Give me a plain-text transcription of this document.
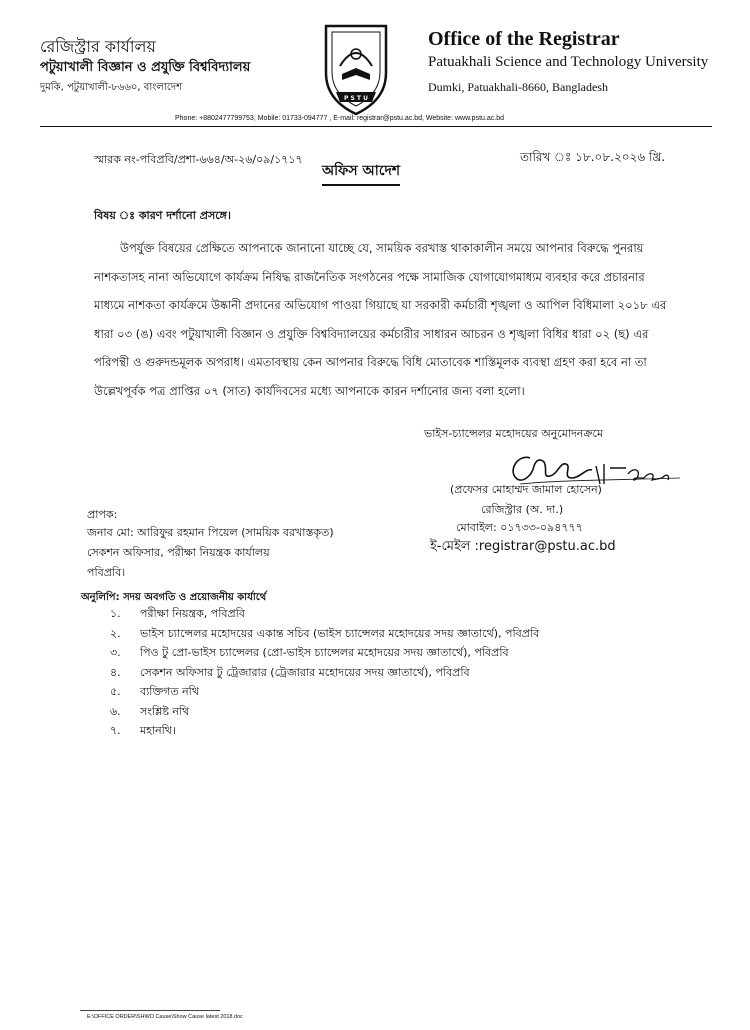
রেজিস্ট্রার কার্যালয়
পটুয়াখালী বিজ্ঞান ও প্রযুক্তি বিশ্ববিদ্যালয়
দুমকি, পটুয়াখালী-৮৬৬০, বাংলাদেশ
P S T U
Office of the Registrar
Patuakhali Science and Technology University
Dumki, Patuakhali-8660, Bangladesh
Phone: +8802477799753, Mobile: 01733-094777 , E-mail: registrar@pstu.ac.bd, Website: www.pstu.ac.bd
স্মারক নং-পবিপ্রবি/প্রশা-৬৬৪/অ-২৬/০৯/১৭১৭	তারিখ ঃ ১৮.০৮.২০২৬ খ্রি.
অফিস আদেশ
বিষয় ঃ কারণ দর্শানো প্রসঙ্গে।
উপর্যুক্ত বিষয়ের প্রেক্ষিতে আপনাকে জানানো যাচ্ছে যে, সাময়িক বরখাস্ত থাকাকালীন সময়ে আপনার বিরুদ্ধে পুনরায়
নাশকতাসহ নানা অভিযোগে কার্যক্রম নিষিদ্ধ রাজনৈতিক সংগঠনের পক্ষে সামাজিক যোগাযোগমাধ্যম ব্যবহার করে প্রচারনার
মাধ্যমে নাশকতা কার্যক্রমে উষ্কানী প্রদানের অভিযোগ পাওয়া গিয়াছে যা সরকারী কর্মচারী শৃঙ্খলা ও আপিল বিধিমালা ২০১৮ এর
ধারা ০৩ (ঙ) এবং পটুয়াখালী বিজ্ঞান ও প্রযুক্তি বিশ্ববিদ্যালয়ের কর্মচারীর সাধারন আচরন ও শৃঙ্খলা বিধির ধারা ০২ (ছ) এর
পরিপন্থী ও গুরুদন্ডমূলক অপরাধ। এমতাবস্থায় কেন আপনার বিরুদ্ধে বিধি মোতাবেক শাস্তিমূলক ব্যবস্থা গ্রহণ করা হবে না তা
উল্লেখপূর্বক পত্র প্রাপ্তির ০৭ (সাত) কার্যদিবসের মধ্যে আপনাকে কারন দর্শানোর জন্য বলা হলো।
ভাইস-চ্যান্সেলর মহোদয়ের অনুমোদনক্রমে
(প্রফেসর মোহাম্মদ জামাল হোসেন)
রেজিস্ট্রার (অ. দা.)
মোবাইল: ০১৭৩৩-০৯৪৭৭৭
ই-মেইল :registrar@pstu.ac.bd
প্রাপক:
জনাব মো: আরিফুর রহমান পিয়েল (সাময়িক বরখাস্তকৃত)
সেকশন অফিসার, পরীক্ষা নিয়ন্ত্রক কার্যালয়
পবিপ্রবি।
অনুলিপি: সদয় অবগতি ও প্রয়োজনীয় কার্যার্থে
১. পরীক্ষা নিয়ন্ত্রক, পবিপ্রবি
২. ভাইস চ্যান্সেলর মহোদয়ের একান্ত সচিব (ভাইস চ্যান্সেলর মহোদয়ের সদয় জ্ঞাতার্থে), পবিপ্রবি
৩. পিও টু প্রো-ভাইস চ্যান্সেলর (প্রো-ভাইস চ্যান্সেলর মহোদয়ের সদয় জ্ঞাতার্থে), পবিপ্রবি
৪. সেকশন অফিসার টু ট্রেজারার (ট্রেজারার মহোদয়ের সদয় জ্ঞাতার্থে), পবিপ্রবি
৫. ব্যক্তিগত নথি
৬. সংশ্লিষ্ট নথি
৭. মহানথি।
E:\OFFICE ORDER\SHWO Cause\Show Cause latest 2018.doc
